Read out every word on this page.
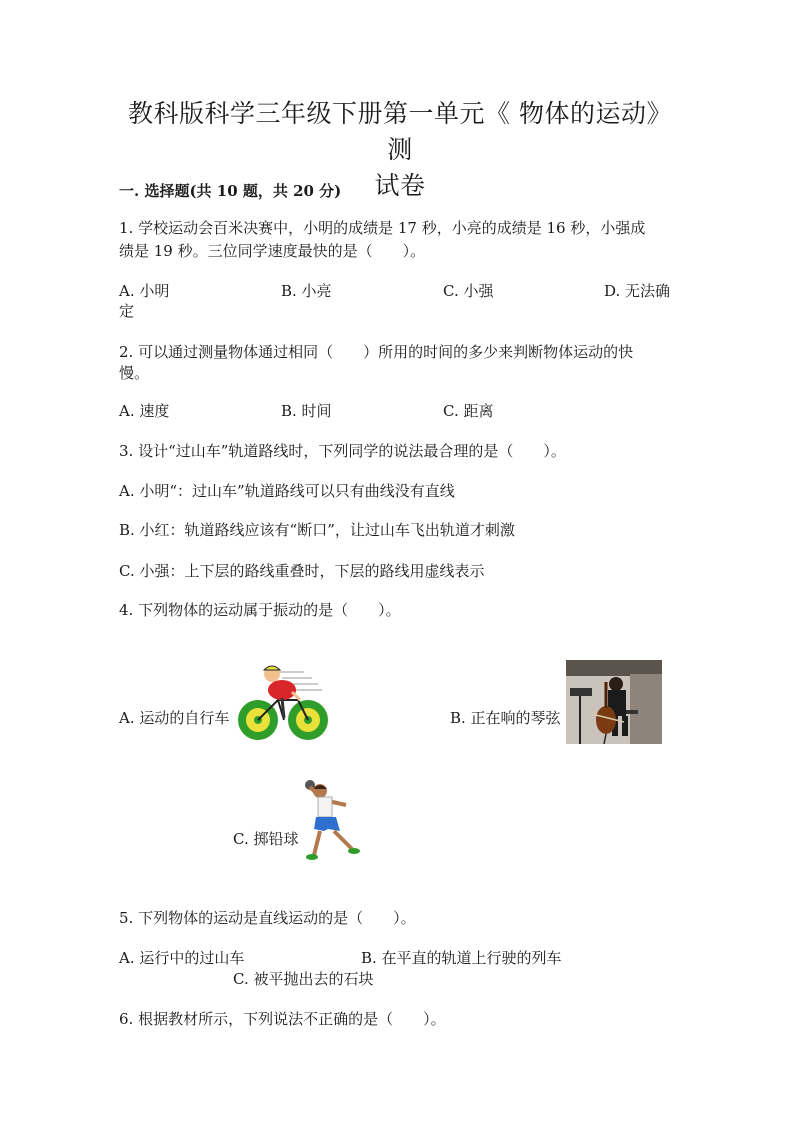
教科版科学三年级下册第一单元《 物体的运动》测
试卷
一. 选择题(共 10 题，共 20 分)
1. 学校运动会百米决赛中，小明的成绩是 17 秒，小亮的成绩是 16 秒，小强成
绩是 19 秒。三位同学速度最快的是（　　）。
A. 小明	B. 小亮	C. 小强	D. 无法确
定
2. 可以通过测量物体通过相同（　　）所用的时间的多少来判断物体运动的快
慢。
A. 速度	B. 时间	C. 距离
3. 设计“过山车”轨道路线时，下列同学的说法最合理的是（　　）。
A. 小明“：过山车”轨道路线可以只有曲线没有直线
B. 小红：轨道路线应该有“断口”，让过山车飞出轨道才刺激
C. 小强：上下层的路线重叠时，下层的路线用虚线表示
4. 下列物体的运动属于振动的是（　　）。
A. 运动的自行车	B. 正在响的琴弦
C. 掷铅球
5. 下列物体的运动是直线运动的是（　　）。
A. 运行中的过山车	B. 在平直的轨道上行驶的列车
C. 被平抛出去的石块
6. 根据教材所示，下列说法不正确的是（　　）。
